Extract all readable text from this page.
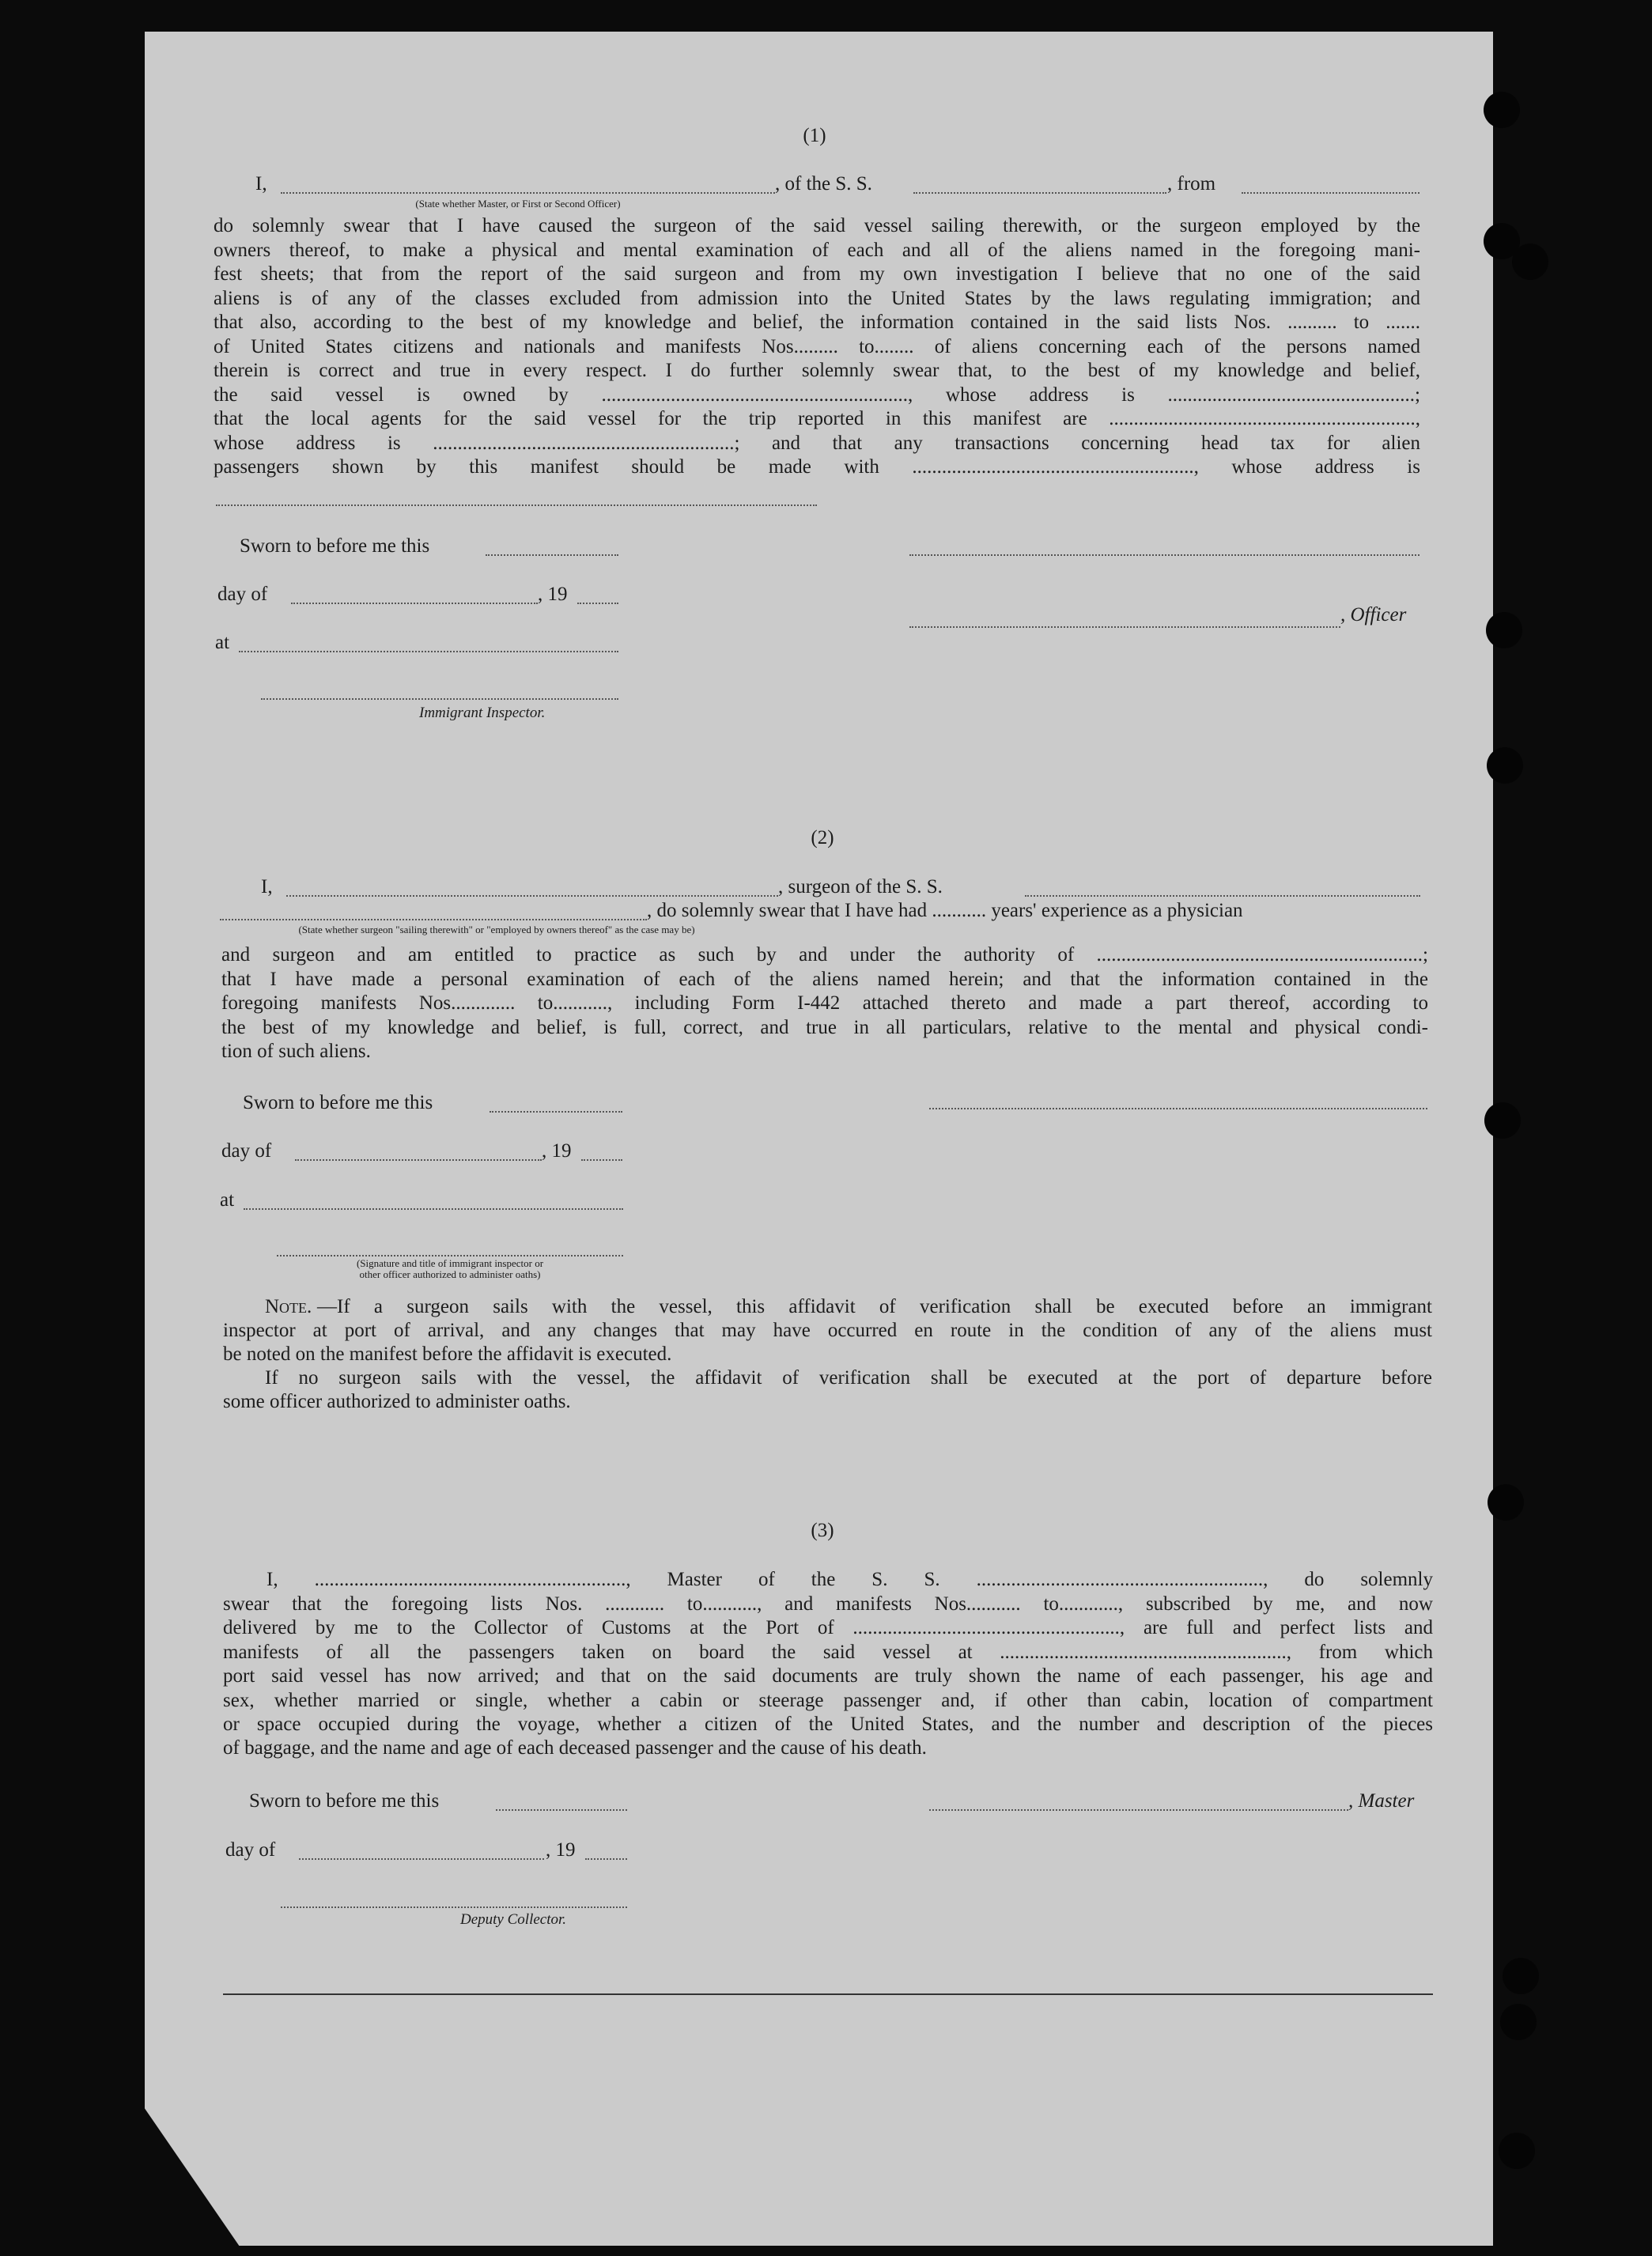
(1)
I,	, of the S. S.	, from
(State whether Master, or First or Second Officer)
do solemnly swear that I have caused the surgeon of the said vessel sailing therewith, or the surgeon employed by the
owners thereof, to make a physical and mental examination of each and all of the aliens named in the foregoing mani-
fest sheets; that from the report of the said surgeon and from my own investigation I believe that no one of the said
aliens is of any of the classes excluded from admission into the United States by the laws regulating immigration; and
that also, according to the best of my knowledge and belief, the information contained in the said lists Nos. .......... to .......
of United States citizens and nationals and manifests Nos......... to........ of aliens concerning each of the persons named
therein is correct and true in every respect. I do further solemnly swear that, to the best of my knowledge and belief,
the said vessel is owned by .............................................................., whose address is ..................................................;
that the local agents for the said vessel for the trip reported in this manifest are ..............................................................,
whose address is .............................................................; and that any transactions concerning head tax for alien
passengers shown by this manifest should be made with ........................................................., whose address is
Sworn to before me this
day of	, 19
, Officer
at
Immigrant Inspector.
(2)
I,	, surgeon of the S. S.
, do solemnly swear that I have had ........... years' experience as a physician
(State whether surgeon "sailing therewith" or "employed by owners thereof" as the case may be)
and surgeon and am entitled to practice as such by and under the authority of ..................................................................;
that I have made a personal examination of each of the aliens named herein; and that the information contained in the
foregoing manifests Nos............. to..........., including Form I-442 attached thereto and made a part thereof, according to
the best of my knowledge and belief, is full, correct, and true in all particulars, relative to the mental and physical condi-
tion of such aliens.
Sworn to before me this
day of	, 19
at
(Signature and title of immigrant inspector or
other officer authorized to administer oaths)
Note. —If a surgeon sails with the vessel, this affidavit of verification shall be executed before an immigrant
inspector at port of arrival, and any changes that may have occurred en route in the condition of any of the aliens must
be noted on the manifest before the affidavit is executed.
If no surgeon sails with the vessel, the affidavit of verification shall be executed at the port of departure before
some officer authorized to administer oaths.
(3)
I, ..............................................................., Master of the S. S. .........................................................., do solemnly
swear that the foregoing lists Nos. ............ to..........., and manifests Nos........... to............, subscribed by me, and now
delivered by me to the Collector of Customs at the Port of ......................................................, are full and perfect lists and
manifests of all the passengers taken on board the said vessel at .........................................................., from which
port said vessel has now arrived; and that on the said documents are truly shown the name of each passenger, his age and
sex, whether married or single, whether a cabin or steerage passenger and, if other than cabin, location of compartment
or space occupied during the voyage, whether a citizen of the United States, and the number and description of the pieces
of baggage, and the name and age of each deceased passenger and the cause of his death.
Sworn to before me this	, Master
day of	, 19
Deputy Collector.
